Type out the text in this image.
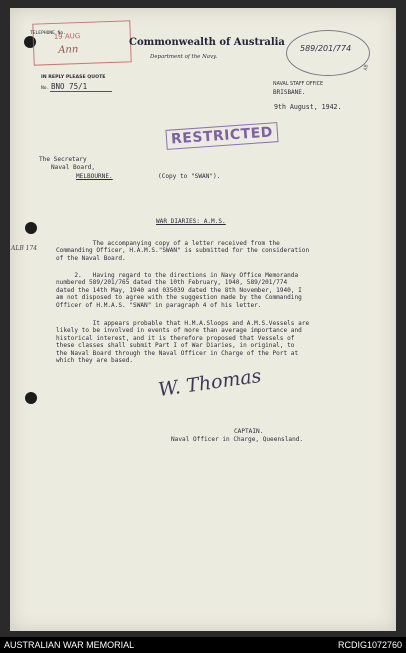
19 AUG
Ann
TELEPHONE No.
Commonwealth of Australia
Department of the Navy.
589/201/774
AB
IN REPLY PLEASE QUOTE
No. BNO 75/1	NAVAL STAFF OFFICE
BRISBANE.
9th August, 1942.
RESTRICTED
The Secretary
Naval Board,
MELBOURNE.	(Copy to "SWAN").
WAR DIARIES: A.M.S.
ALB 174
The accompanying copy of a letter received from the
Commanding Officer, H.A.M.S."SWAN" is submitted for the consideration
of the Naval Board.
2.   Having regard to the directions in Navy Office Memoranda
numbered 589/201/765 dated the 10th February, 1940, 589/201/774
dated the 14th May, 1940 and 035039 dated the 8th November, 1940, I
am not disposed to agree with the suggestion made by the Commanding
Officer of H.M.A.S. "SWAN" in paragraph 4 of his letter.
It appears probable that H.M.A.Sloops and A.M.S.Vessels are
likely to be involved in events of more than average importance and
historical interest, and it is therefore proposed that Vessels of
these classes shall submit Part I of War Diaries, in original, to
the Naval Board through the Naval Officer in Charge of the Port at
which they are based.
W. Thomas
CAPTAIN.
Naval Officer in Charge, Queensland.
AUSTRALIAN WAR MEMORIAL	RCDIG1072760
